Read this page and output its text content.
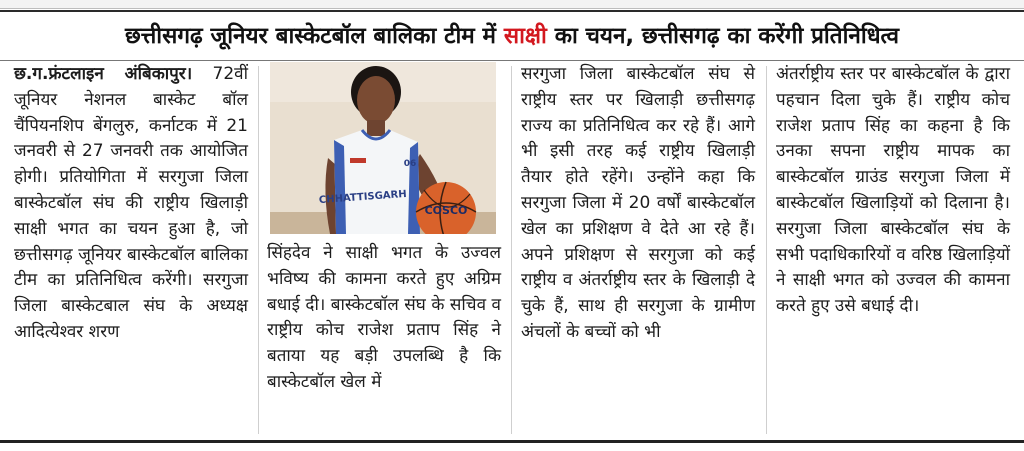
छत्तीसगढ़ जूनियर बास्केटबॉल बालिका टीम में साक्षी का चयन, छत्तीसगढ़ का करेंगी प्रतिनिधित्व

छ.ग.फ्रंटलाइन अंबिकापुर। 72वीं जूनियर नेशनल बास्केट बॉल चैंपियनशिप बेंगलुरु, कर्नाटक में 21 जनवरी से 27 जनवरी तक आयोजित होगी। प्रतियोगिता में सरगुजा जिला बास्केटबॉल संघ की राष्ट्रीय खिलाड़ी साक्षी भगत का चयन हुआ है, जो छत्तीसगढ़ जूनियर बास्केटबॉल बालिका टीम का प्रतिनिधित्व करेंगी। सरगुजा जिला बास्केटबाल संघ के अध्यक्ष आदित्येश्वर शरण

CHHATTISGARH
06
COSCO

सिंहदेव ने साक्षी भगत के उज्वल भविष्य की कामना करते हुए अग्रिम बधाई दी। बास्केटबॉल संघ के सचिव व राष्ट्रीय कोच राजेश प्रताप सिंह ने बताया यह बड़ी उपलब्धि है कि बास्केटबॉल खेल में

सरगुजा जिला बास्केटबॉल संघ से राष्ट्रीय स्तर पर खिलाड़ी छत्तीसगढ़ राज्य का प्रतिनिधित्व कर रहे हैं। आगे भी इसी तरह कई राष्ट्रीय खिलाड़ी तैयार होते रहेंगे। उन्होंने कहा कि सरगुजा जिला में 20 वर्षों बास्केटबॉल खेल का प्रशिक्षण वे देते आ रहे हैं। अपने प्रशिक्षण से सरगुजा को कई राष्ट्रीय व अंतर्राष्ट्रीय स्तर के खिलाड़ी दे चुके हैं, साथ ही सरगुजा के ग्रामीण अंचलों के बच्चों को भी

अंतर्राष्ट्रीय स्तर पर बास्केटबॉल के द्वारा पहचान दिला चुके हैं। राष्ट्रीय कोच राजेश प्रताप सिंह का कहना है कि उनका सपना राष्ट्रीय मापक का बास्केटबॉल ग्राउंड सरगुजा जिला में बास्केटबॉल खिलाड़ियों को दिलाना है। सरगुजा जिला बास्केटबॉल संघ के सभी पदाधिकारियों व वरिष्ठ खिलाड़ियों ने साक्षी भगत को उज्वल की कामना करते हुए उसे बधाई दी।
